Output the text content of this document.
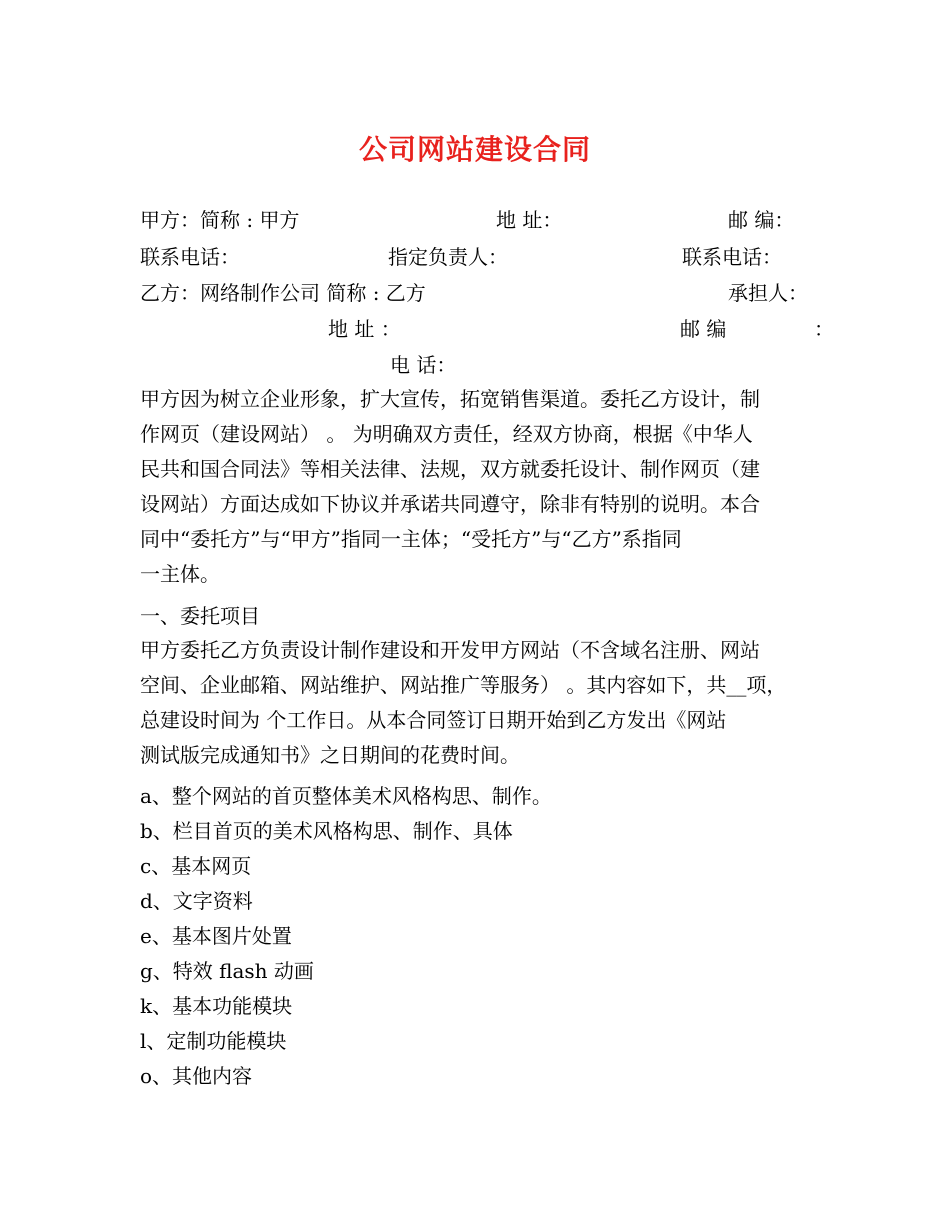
公司网站建设合同
甲方：简称 : 甲方	地 址：	邮 编：
联系电话：	指定负责人：	联系电话：
乙方：网络制作公司 简称 : 乙方	承担人：
地 址 ：	邮 编	：
电 话：

甲方因为树立企业形象，扩大宣传，拓宽销售渠道。委托乙方设计，制

作网页（建设网站） 。 为明确双方责任，经双方协商，根据《中华人

民共和国合同法》等相关法律、法规，双方就委托设计、制作网页（建

设网站）方面达成如下协议并承诺共同遵守，除非有特别的说明。本合

同中“委托方”与“甲方”指同一主体；“受托方”与“乙方”系指同

一主体。

一、委托项目

甲方委托乙方负责设计制作建设和开发甲方网站（不含域名注册、网站

空间、企业邮箱、网站维护、网站推广等服务） 。其内容如下，共__项，

总建设时间为 个工作日。从本合同签订日期开始到乙方发出《网站

测试版完成通知书》之日期间的花费时间。

a、整个网站的首页整体美术风格构思、制作。
b、栏目首页的美术风格构思、制作、具体
c、基本网页
d、文字资料
e、基本图片处置
g、特效 flash 动画
k、基本功能模块
l、定制功能模块
o、其他内容
